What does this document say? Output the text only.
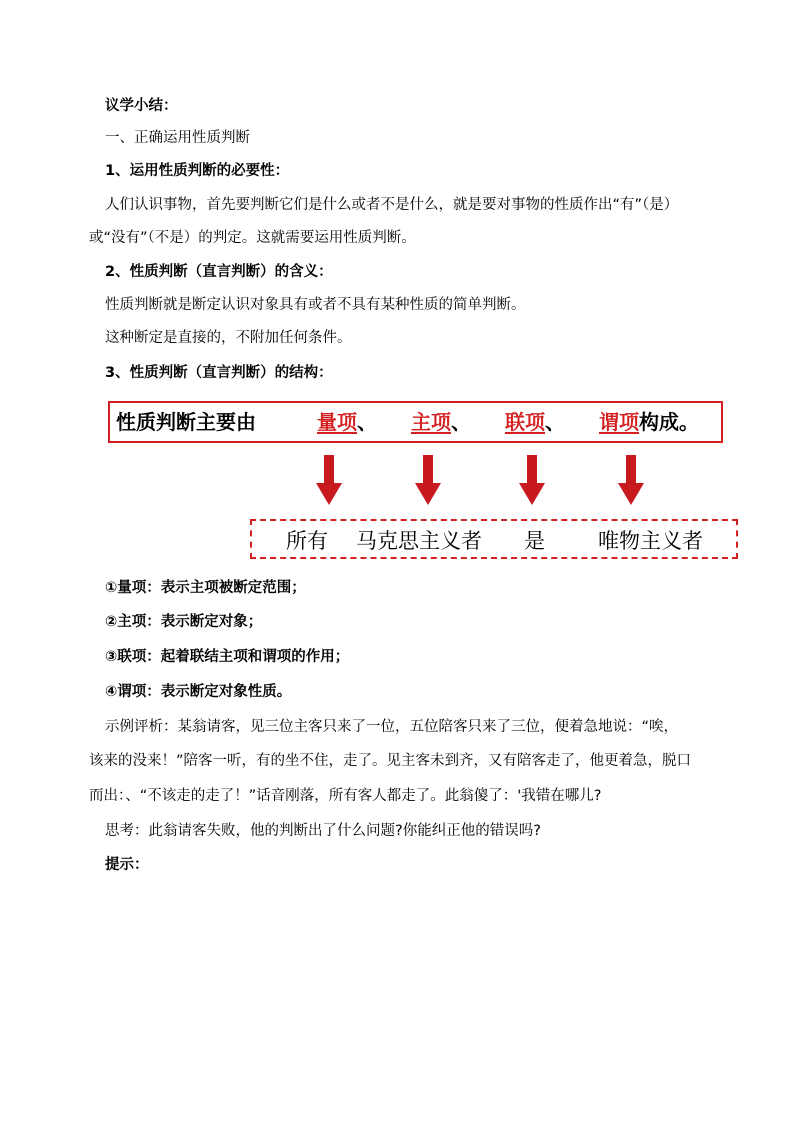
议学小结：
一、正确运用性质判断
1、运用性质判断的必要性：
人们认识事物，首先要判断它们是什么或者不是什么，就是要对事物的性质作出“有”（是）
或“没有”（不是）的判定。这就需要运用性质判断。
2、性质判断（直言判断）的含义：
性质判断就是断定认识对象具有或者不具有某种性质的简单判断。
这种断定是直接的，不附加任何条件。
3、性质判断（直言判断）的结构：
性质判断主要由	量项、 主项、 联项、 谓项构成。
所有 马克思主义者 是	唯物主义者
①量项：表示主项被断定范围；
②主项：表示断定对象；
③联项：起着联结主项和谓项的作用；
④谓项：表示断定对象性质。
示例评析：某翁请客，见三位主客只来了一位，五位陪客只来了三位，便着急地说：“唉，
该来的没来！”陪客一听，有的坐不住，走了。见主客未到齐，又有陪客走了，他更着急，脱口
而出：、“不该走的走了！”话音刚落，所有客人都走了。此翁傻了：'我错在哪儿?
思考：此翁请客失败，他的判断出了什么问题?你能纠正他的错误吗?
提示：
